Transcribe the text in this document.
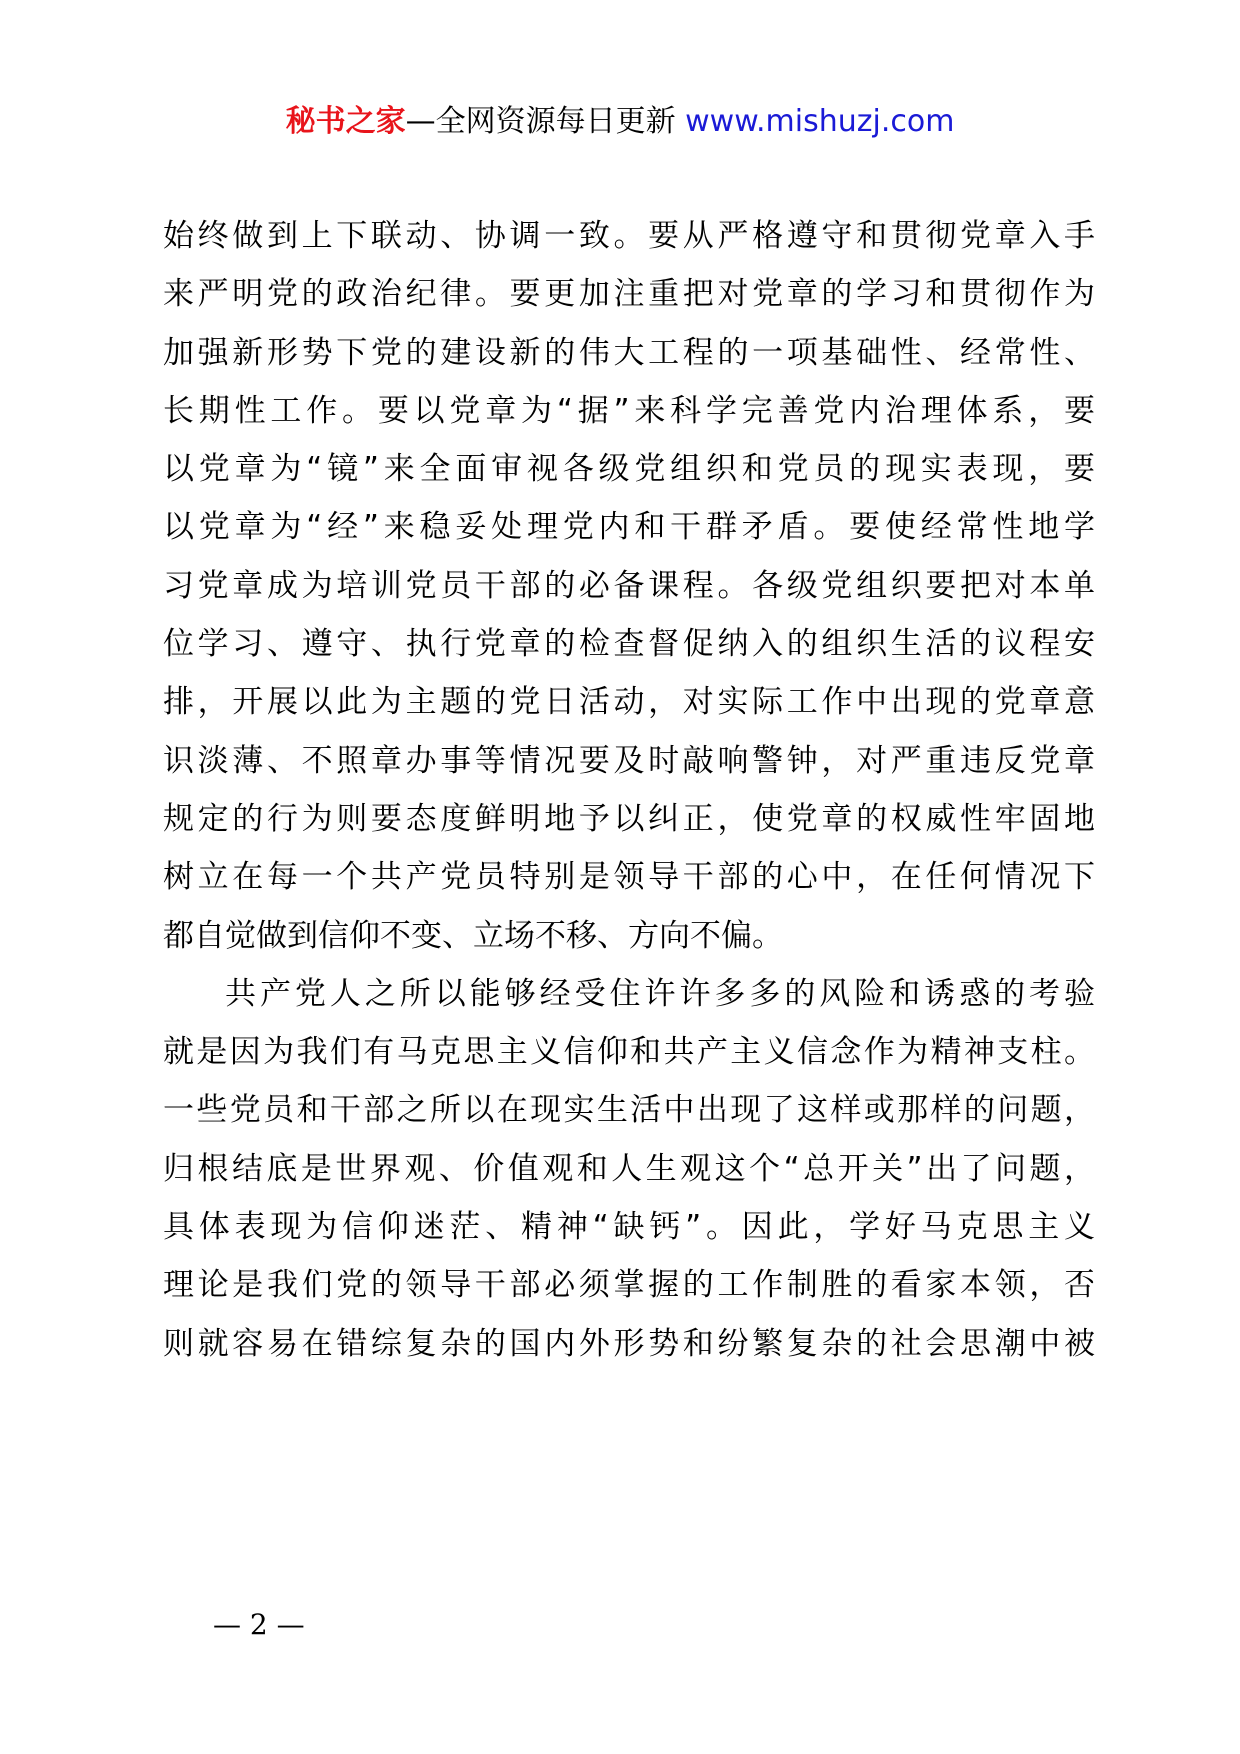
秘书之家—全网资源每日更新 www.mishuzj.com

始终做到上下联动、协调一致。要从严格遵守和贯彻党章入手

来严明党的政治纪律。要更加注重把对党章的学习和贯彻作为

加强新形势下党的建设新的伟大工程的一项基础性、经常性、

长期性工作。要以党章为“据”来科学完善党内治理体系，要

以党章为“镜”来全面审视各级党组织和党员的现实表现，要

以党章为“经”来稳妥处理党内和干群矛盾。要使经常性地学

习党章成为培训党员干部的必备课程。各级党组织要把对本单

位学习、遵守、执行党章的检查督促纳入的组织生活的议程安

排，开展以此为主题的党日活动，对实际工作中出现的党章意

识淡薄、不照章办事等情况要及时敲响警钟，对严重违反党章

规定的行为则要态度鲜明地予以纠正，使党章的权威性牢固地

树立在每一个共产党员特别是领导干部的心中，在任何情况下

都自觉做到信仰不变、立场不移、方向不偏。

共产党人之所以能够经受住许许多多的风险和诱惑的考验

就是因为我们有马克思主义信仰和共产主义信念作为精神支柱。

一些党员和干部之所以在现实生活中出现了这样或那样的问题，

归根结底是世界观、价值观和人生观这个“总开关”出了问题，

具体表现为信仰迷茫、精神“缺钙”。因此，学好马克思主义

理论是我们党的领导干部必须掌握的工作制胜的看家本领，否

则就容易在错综复杂的国内外形势和纷繁复杂的社会思潮中被

— 2 —
